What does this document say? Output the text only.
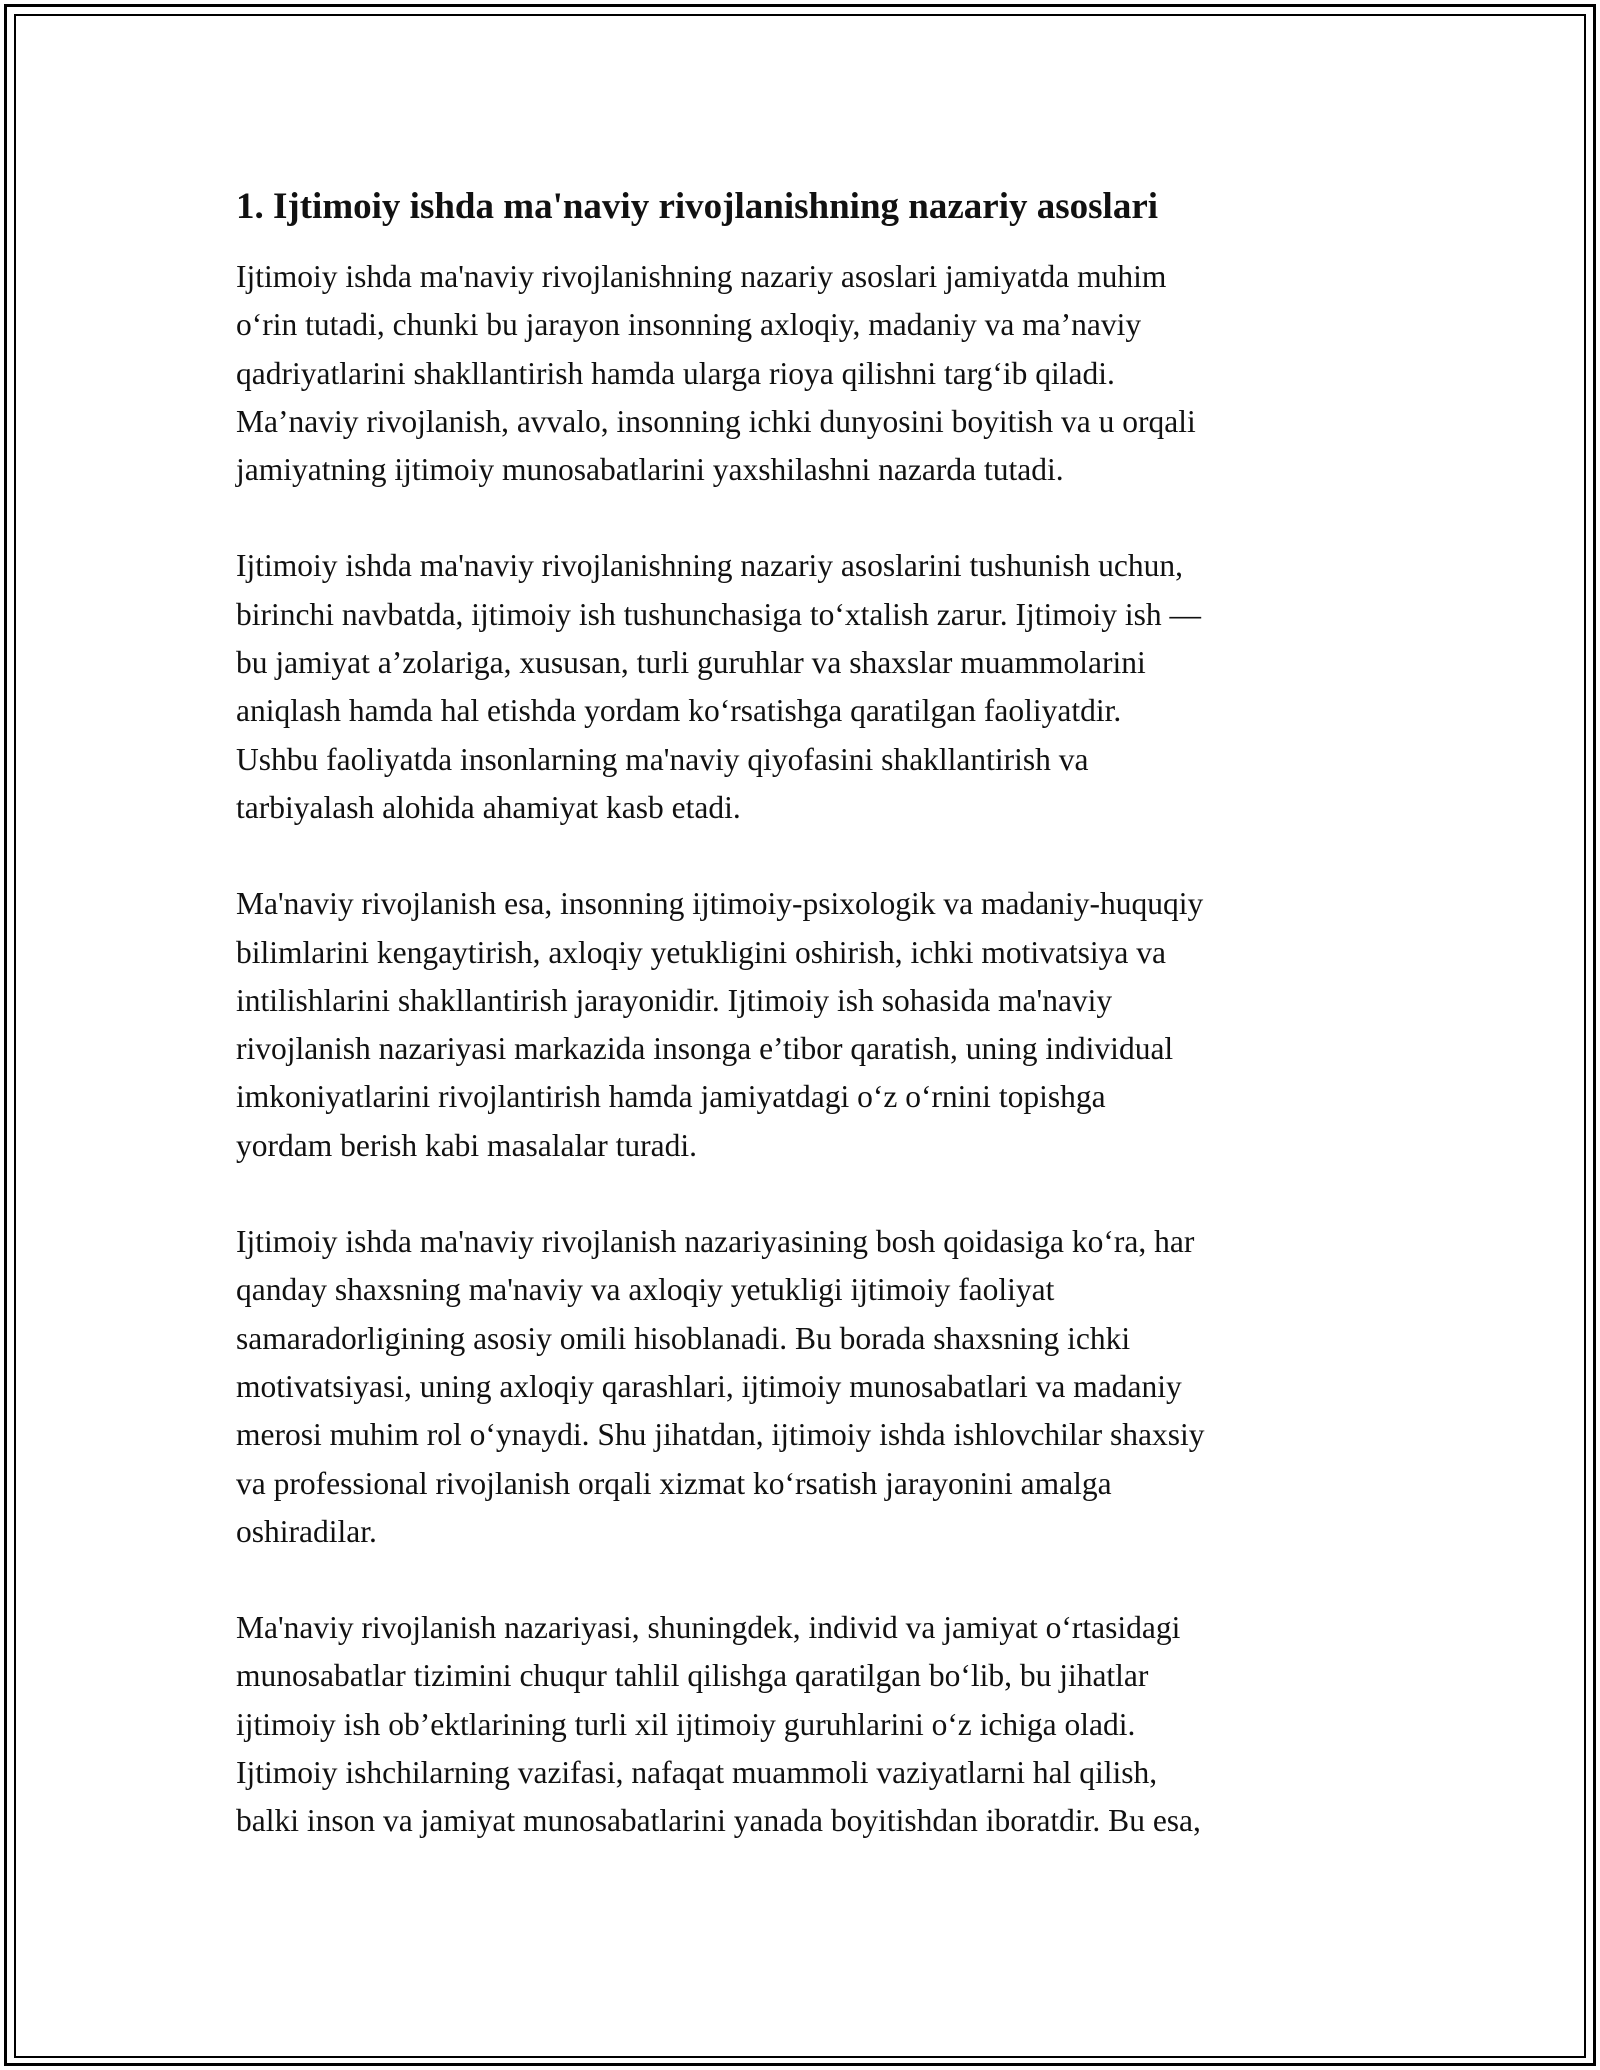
1. Ijtimoiy ishda ma'naviy rivojlanishning nazariy asoslari

Ijtimoiy ishda ma'naviy rivojlanishning nazariy asoslari jamiyatda muhim
o‘rin tutadi, chunki bu jarayon insonning axloqiy, madaniy va ma’naviy
qadriyatlarini shakllantirish hamda ularga rioya qilishni targ‘ib qiladi.
Ma’naviy rivojlanish, avvalo, insonning ichki dunyosini boyitish va u orqali
jamiyatning ijtimoiy munosabatlarini yaxshilashni nazarda tutadi.

Ijtimoiy ishda ma'naviy rivojlanishning nazariy asoslarini tushunish uchun,
birinchi navbatda, ijtimoiy ish tushunchasiga to‘xtalish zarur. Ijtimoiy ish —
bu jamiyat a’zolariga, xususan, turli guruhlar va shaxslar muammolarini
aniqlash hamda hal etishda yordam ko‘rsatishga qaratilgan faoliyatdir.
Ushbu faoliyatda insonlarning ma'naviy qiyofasini shakllantirish va
tarbiyalash alohida ahamiyat kasb etadi.

Ma'naviy rivojlanish esa, insonning ijtimoiy-psixologik va madaniy-huquqiy
bilimlarini kengaytirish, axloqiy yetukligini oshirish, ichki motivatsiya va
intilishlarini shakllantirish jarayonidir. Ijtimoiy ish sohasida ma'naviy
rivojlanish nazariyasi markazida insonga e’tibor qaratish, uning individual
imkoniyatlarini rivojlantirish hamda jamiyatdagi o‘z o‘rnini topishga
yordam berish kabi masalalar turadi.

Ijtimoiy ishda ma'naviy rivojlanish nazariyasining bosh qoidasiga ko‘ra, har
qanday shaxsning ma'naviy va axloqiy yetukligi ijtimoiy faoliyat
samaradorligining asosiy omili hisoblanadi. Bu borada shaxsning ichki
motivatsiyasi, uning axloqiy qarashlari, ijtimoiy munosabatlari va madaniy
merosi muhim rol o‘ynaydi. Shu jihatdan, ijtimoiy ishda ishlovchilar shaxsiy
va professional rivojlanish orqali xizmat ko‘rsatish jarayonini amalga
oshiradilar.

Ma'naviy rivojlanish nazariyasi, shuningdek, individ va jamiyat o‘rtasidagi
munosabatlar tizimini chuqur tahlil qilishga qaratilgan bo‘lib, bu jihatlar
ijtimoiy ish ob’ektlarining turli xil ijtimoiy guruhlarini o‘z ichiga oladi.
Ijtimoiy ishchilarning vazifasi, nafaqat muammoli vaziyatlarni hal qilish,
balki inson va jamiyat munosabatlarini yanada boyitishdan iboratdir. Bu esa,
